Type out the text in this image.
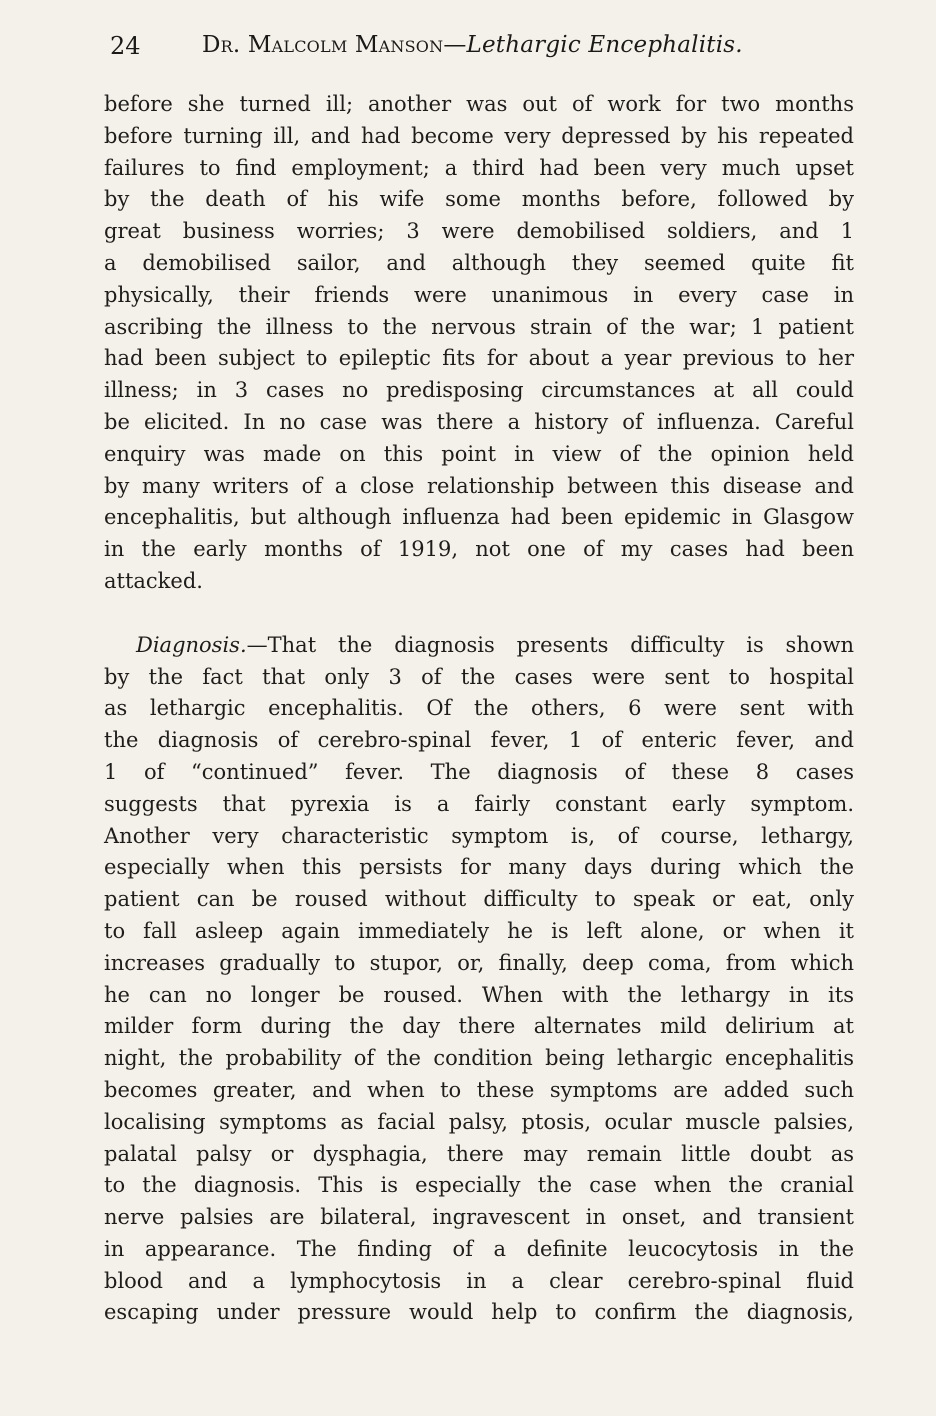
24	Dr. Malcolm Manson—Lethargic Encephalitis.
before she turned ill; another was out of work for two months
before turning ill, and had become very depressed by his repeated
failures to find employment; a third had been very much upset
by the death of his wife some months before, followed by
great business worries; 3 were demobilised soldiers, and 1
a demobilised sailor, and although they seemed quite fit
physically, their friends were unanimous in every case in
ascribing the illness to the nervous strain of the war; 1 patient
had been subject to epileptic fits for about a year previous to her
illness; in 3 cases no predisposing circumstances at all could
be elicited. In no case was there a history of influenza. Careful
enquiry was made on this point in view of the opinion held
by many writers of a close relationship between this disease and
encephalitis, but although influenza had been epidemic in Glasgow
in the early months of 1919, not one of my cases had been
attacked.
Diagnosis.—That the diagnosis presents difficulty is shown
by the fact that only 3 of the cases were sent to hospital
as lethargic encephalitis. Of the others, 6 were sent with
the diagnosis of cerebro-spinal fever, 1 of enteric fever, and
1 of “continued” fever. The diagnosis of these 8 cases
suggests that pyrexia is a fairly constant early symptom.
Another very characteristic symptom is, of course, lethargy,
especially when this persists for many days during which the
patient can be roused without difficulty to speak or eat, only
to fall asleep again immediately he is left alone, or when it
increases gradually to stupor, or, finally, deep coma, from which
he can no longer be roused. When with the lethargy in its
milder form during the day there alternates mild delirium at
night, the probability of the condition being lethargic encephalitis
becomes greater, and when to these symptoms are added such
localising symptoms as facial palsy, ptosis, ocular muscle palsies,
palatal palsy or dysphagia, there may remain little doubt as
to the diagnosis. This is especially the case when the cranial
nerve palsies are bilateral, ingravescent in onset, and transient
in appearance. The finding of a definite leucocytosis in the
blood and a lymphocytosis in a clear cerebro-spinal fluid
escaping under pressure would help to confirm the diagnosis,
